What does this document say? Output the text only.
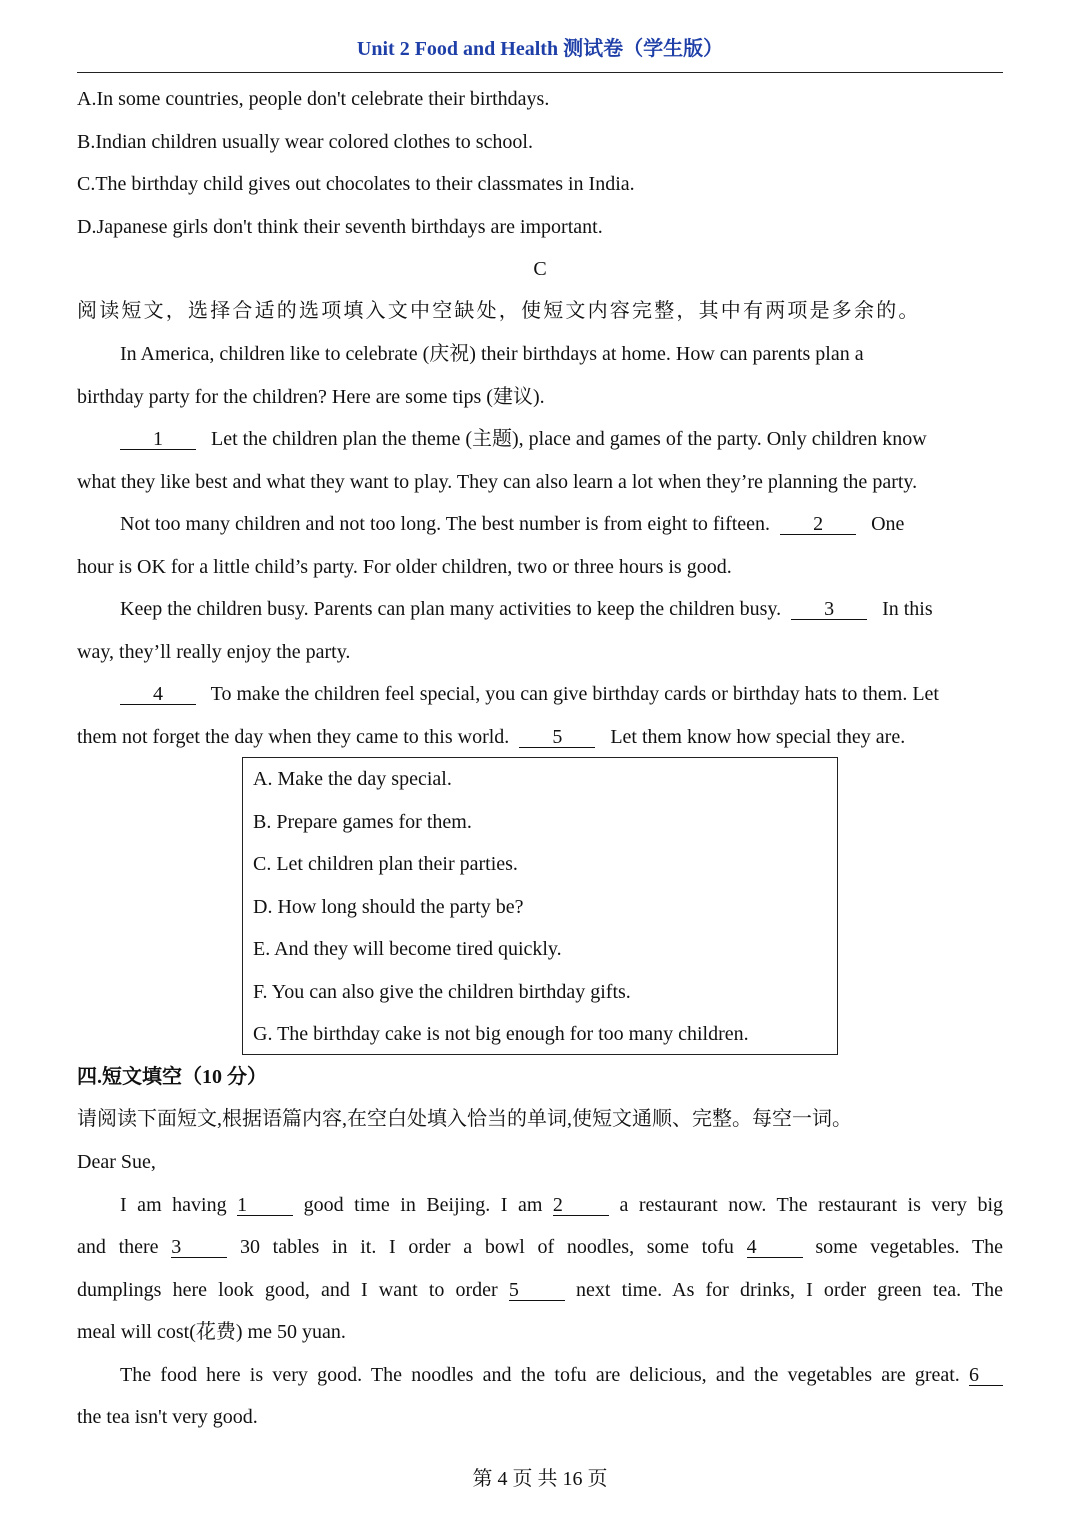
Unit 2 Food and Health 测试卷（学生版）
A.In some countries, people don't celebrate their birthdays.
B.Indian children usually wear colored clothes to school.
C.The birthday child gives out chocolates to their classmates in India.
D.Japanese girls don't think their seventh birthdays are important.
C
阅读短文，选择合适的选项填入文中空缺处，使短文内容完整，其中有两项是多余的。
In America, children like to celebrate (庆祝) their birthdays at home. How can parents plan a
birthday party for the children? Here are some tips (建议).
1 Let the children plan the theme (主题), place and games of the party. Only children know
what they like best and what they want to play. They can also learn a lot when they’re planning the party.
Not too many children and not too long. The best number is from eight to fifteen. 2 One
hour is OK for a little child’s party. For older children, two or three hours is good.
Keep the children busy. Parents can plan many activities to keep the children busy. 3 In this
way, they’ll really enjoy the party.
4 To make the children feel special, you can give birthday cards or birthday hats to them. Let
them not forget the day when they came to this world. 5 Let them know how special they are.
A. Make the day special.
B. Prepare games for them.
C. Let children plan their parties.
D. How long should the party be?
E. And they will become tired quickly.
F. You can also give the children birthday gifts.
G. The birthday cake is not big enough for too many children.
四.短文填空（10 分）
请阅读下面短文,根据语篇内容,在空白处填入恰当的单词,使短文通顺、完整。每空一词。
Dear Sue,
I am having 1	good time in Beijing. I am 2	a restaurant now. The restaurant is very big
and there 3	30 tables in it. I order a bowl of noodles, some tofu 4	some vegetables. The
dumplings here look good, and I want to order 5	next time. As for drinks, I order green tea. The
meal will cost(花费) me 50 yuan.
The food here is very good. The noodles and the tofu are delicious, and the vegetables are great. 6
the tea isn't very good.
第 4 页 共 16 页
